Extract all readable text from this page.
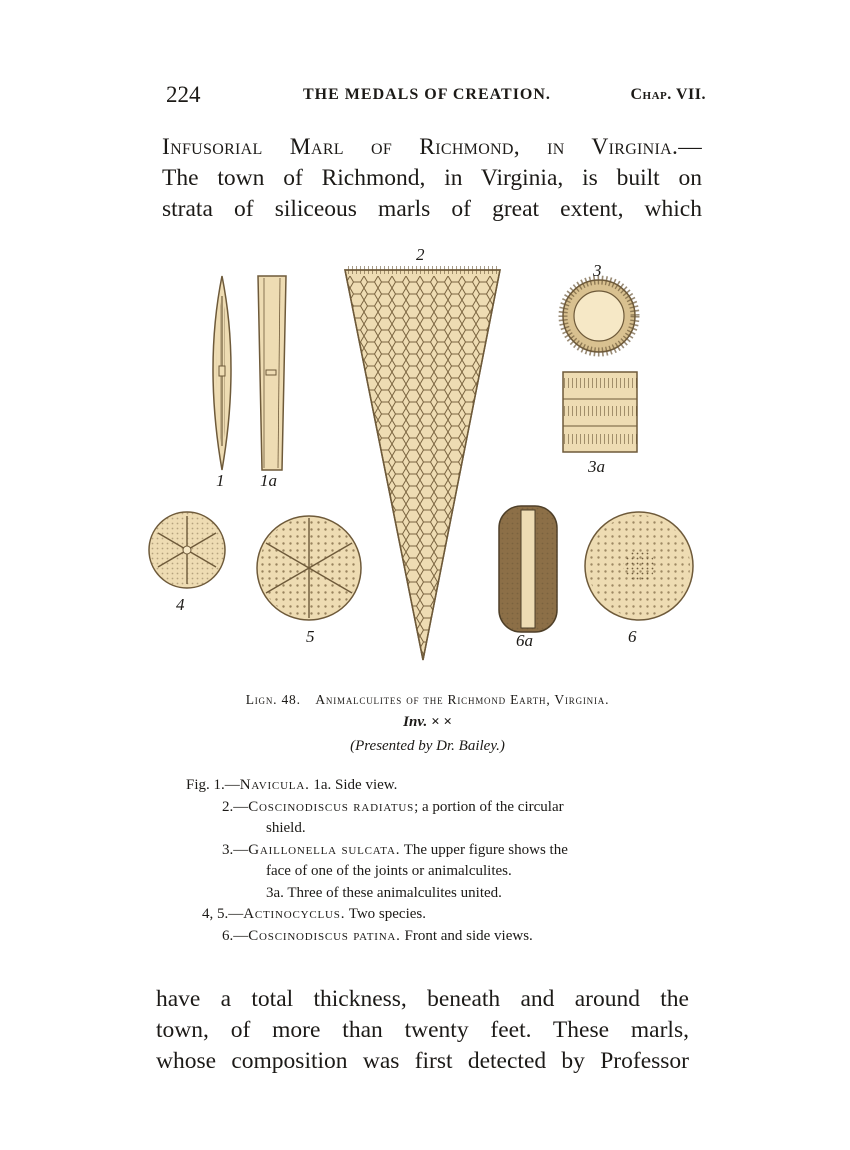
224	THE MEDALS OF CREATION.	Chap. VII.
Infusorial Marl of Richmond, in Virginia.—
The town of Richmond, in Virginia, is built on
strata of siliceous marls of great extent, which
1 1a
2
3
3a
4
5	6a	6
Lign. 48. Animalculites of the Richmond Earth, Virginia.
Inv. × ×
(Presented by Dr. Bailey.)
Fig. 1.—Navicula. 1a. Side view.
2.—Coscinodiscus radiatus; a portion of the circular
shield.
3.—Gaillonella sulcata. The upper figure shows the
face of one of the joints or animalculites.
3a. Three of these animalculites united.
4, 5.—Actinocyclus. Two species.
6.—Coscinodiscus patina. Front and side views.
have a total thickness, beneath and around the
town, of more than twenty feet. These marls,
whose composition was first detected by Professor
